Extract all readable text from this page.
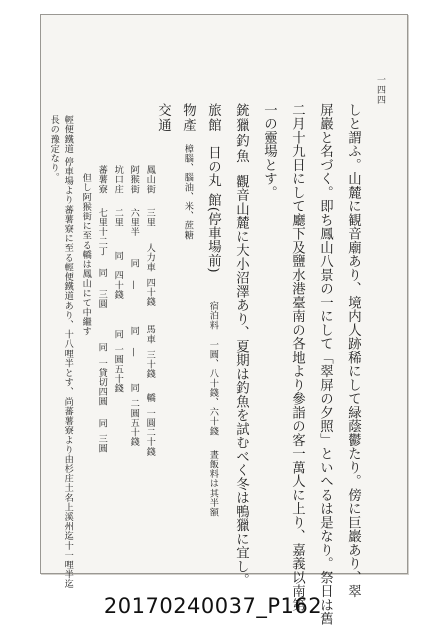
一四四
しと謂ふ。山麓に観音廟あり、境内人跡稀にして緑蔭鬱たり。傍に巨巖あり、翠
屏巖と名づく。即ち鳳山八景の一にして「翠屏の夕照」といへるは是なり。祭日は舊
二月十九日にして廳下及鹽水港臺南の各地より參詣の客一萬人に上り、嘉義以南第
一の靈場とす。
銃獵釣魚觀音山麓に大小沼澤あり、夏期は釣魚を試むべく冬は鴨獵に宜し。
旅館日の丸館(停車場前)宿泊料一圓、八十錢、六十錢晝飯料は其半額
物產樟腦、腦油、米、蔗糖
交通
鳳山街三里人力車四十錢馬車三十錢轎一圓二十錢
阿猴街六里半同—同—同二圓五十錢
坑口庄二里同四十錢同一圓五十錢
蕃薯寮七里十二丁同三圓同一貸切四圓同三圓
但し阿猴街に至る轎は鳳山にて中繼す
輕便鐵道 停車場より蕃薯寮に至る輕便鐵道あり、十八哩半とす、尚蕃薯寮より由杉庄土名上溪州迄十一哩半迄
長の豫定なり。
20170240037_P162
